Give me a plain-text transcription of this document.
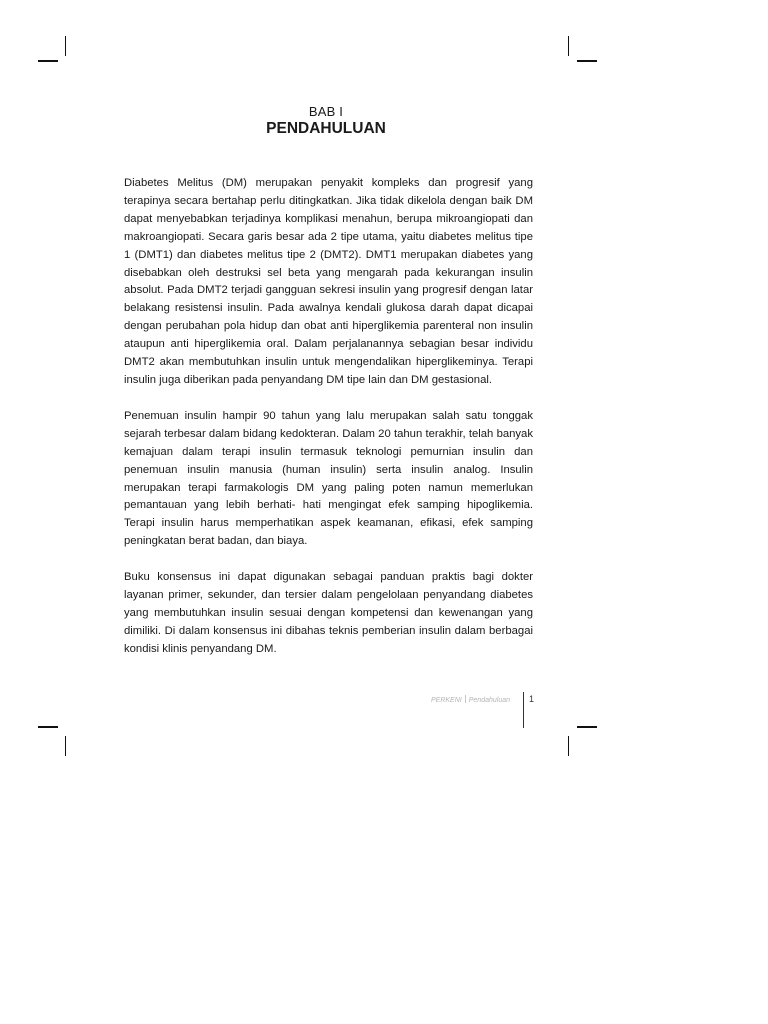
BAB I
PENDAHULUAN

Diabetes Melitus (DM) merupakan penyakit kompleks dan progresif yang terapinya secara bertahap perlu ditingkatkan. Jika tidak dikelola dengan baik DM dapat menyebabkan terjadinya komplikasi menahun, berupa mikroangiopati dan makroangiopati. Secara garis besar ada 2 tipe utama, yaitu diabetes melitus tipe 1 (DMT1) dan diabetes melitus tipe 2 (DMT2). DMT1 merupakan diabetes yang disebabkan oleh destruksi sel beta yang mengarah pada kekurangan insulin absolut. Pada DMT2 terjadi gangguan sekresi insulin yang progresif dengan latar belakang resistensi insulin. Pada awalnya kendali glukosa darah dapat dicapai dengan perubahan pola hidup dan obat anti hiperglikemia parenteral non insulin ataupun anti hiperglikemia oral. Dalam perjalanannya sebagian besar individu DMT2 akan membutuhkan insulin untuk mengendalikan hiperglikeminya. Terapi insulin juga diberikan pada penyandang DM tipe lain dan DM gestasional.

Penemuan insulin hampir 90 tahun yang lalu merupakan salah satu tonggak sejarah terbesar dalam bidang kedokteran. Dalam 20 tahun terakhir, telah banyak kemajuan dalam terapi insulin termasuk teknologi pemurnian insulin dan penemuan insulin manusia (human insulin) serta insulin analog. Insulin merupakan terapi farmakologis DM yang paling poten namun memerlukan pemantauan yang lebih berhati- hati mengingat efek samping hipoglikemia. Terapi insulin harus memperhatikan aspek keamanan, efikasi, efek samping peningkatan berat badan, dan biaya.

Buku konsensus ini dapat digunakan sebagai panduan praktis bagi dokter layanan primer, sekunder, dan tersier dalam pengelolaan penyandang diabetes yang membutuhkan insulin sesuai dengan kompetensi dan kewenangan yang dimiliki. Di dalam konsensus ini dibahas teknis pemberian insulin dalam berbagai kondisi klinis penyandang DM.

PERKENI Pendahuluan 1
